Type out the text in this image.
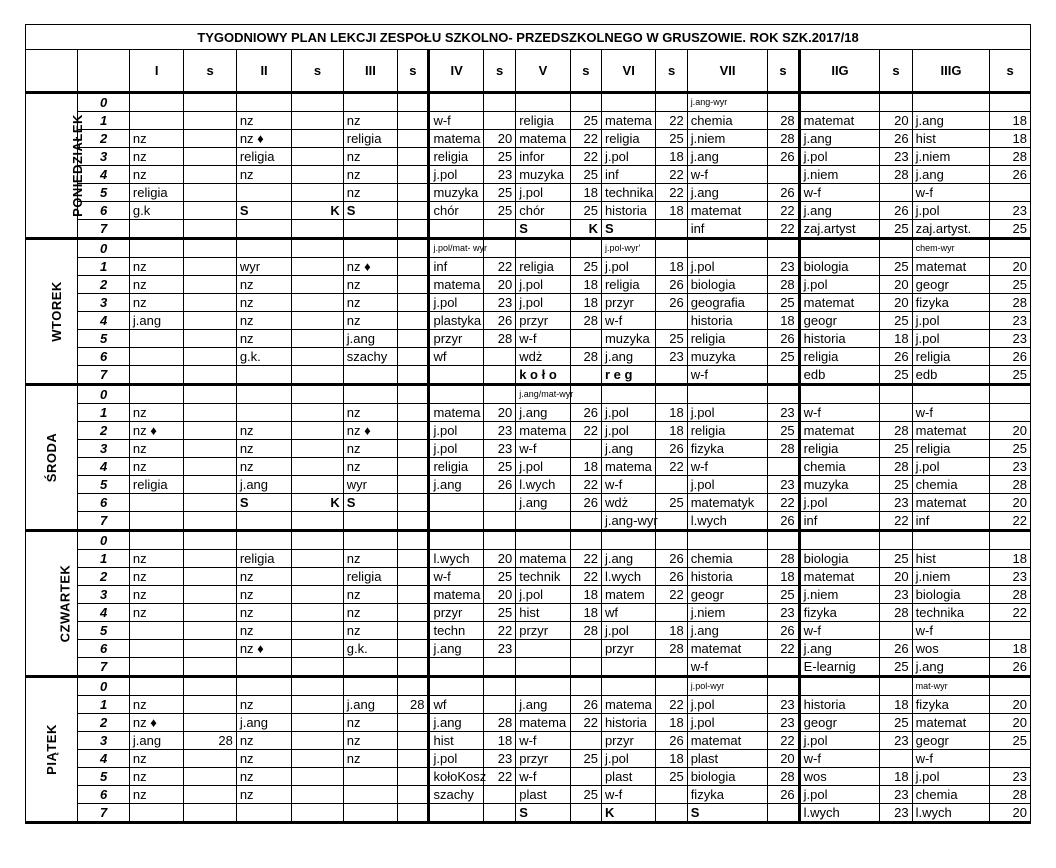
TYGODNIOWY PLAN LEKCJI ZESPOŁU SZKOLNO- PRZEDSZKOLNEGO W GRUSZOWIE. ROK SZK.2017/18																			
		I	s	II	s	III	s	IV	s	V	s	VI	s	VII	s	IIG	s	IIIG	s
PONIEDZIAŁEK	0													j.ang-wyr					
	1			nz		nz		w-f		religia	25	matema	22	chemia	28	matemat	20	j.ang	18
	2	nz		nz ♦		religia		matema	20	matema	22	religia	25	j.niem	28	j.ang	26	hist	18
	3	nz		religia		nz		religia	25	infor	22	j.pol	18	j.ang	26	j.pol	23	j.niem	28
	4	nz		nz		nz		j.pol	23	muzyka	25	inf	22	w-f		j.niem	28	j.ang	26
	5	religia				nz		muzyka	25	j.pol	18	technika	22	j.ang	26	w-f		w-f	
	6	g.k		S	K	S		chór	25	chór	25	historia	18	matemat	22	j.ang	26	j.pol	23
	7									S	K	S		inf	22	zaj.artyst	25	zaj.artyst.	25
WTOREK	0							j.pol/mat- wyr				j.pol-wyr'						chem-wyr	
	1	nz		wyr		nz ♦		inf	22	religia	25	j.pol	18	j.pol	23	biologia	25	matemat	20
	2	nz		nz		nz		matema	20	j.pol	18	religia	26	biologia	28	j.pol	20	geogr	25
	3	nz		nz		nz		j.pol	23	j.pol	18	przyr	26	geografia	25	matemat	20	fizyka	28
	4	j.ang		nz		nz		plastyka	26	przyr	28	w-f		historia	18	geogr	25	j.pol	23
	5			nz		j.ang		przyr	28	w-f		muzyka	25	religia	26	historia	18	j.pol	23
	6			g.k.		szachy		wf		wdż	28	j.ang	23	muzyka	25	religia	26	religia	26
	7									k o ł o		r e g		w-f		edb	25	edb	25
ŚRODA	0									j.ang/mat-wyr									
	1	nz				nz		matema	20	j.ang	26	j.pol	18	j.pol	23	w-f		w-f	
	2	nz ♦		nz		nz ♦		j.pol	23	matema	22	j.pol	18	religia	25	matemat	28	matemat	20
	3	nz		nz		nz		j.pol	23	w-f		j.ang	26	fizyka	28	religia	25	religia	25
	4	nz		nz		nz		religia	25	j.pol	18	matema	22	w-f		chemia	28	j.pol	23
	5	religia		j.ang		wyr		j.ang	26	l.wych	22	w-f		j.pol	23	muzyka	25	chemia	28
	6			S	K	S				j.ang	26	wdż	25	matematyk	22	j.pol	23	matemat	20
	7											j.ang-wyr		l.wych	26	inf	22	inf	22
CZWARTEK	0																		
	1	nz		religia		nz		l.wych	20	matema	22	j.ang	26	chemia	28	biologia	25	hist	18
	2	nz		nz		religia		w-f	25	technik	22	l.wych	26	historia	18	matemat	20	j.niem	23
	3	nz		nz		nz		matema	20	j.pol	18	matem	22	geogr	25	j.niem	23	biologia	28
	4	nz		nz		nz		przyr	25	hist	18	wf		j.niem	23	fizyka	28	technika	22
	5			nz		nz		techn	22	przyr	28	j.pol	18	j.ang	26	w-f		w-f	
	6			nz ♦		g.k.		j.ang	23			przyr	28	matemat	22	j.ang	26	wos	18
	7													w-f		E-learnig	25	j.ang	26
PIĄTEK	0													j.pol-wyr				mat-wyr	
	1	nz		nz		j.ang	28	wf		j.ang	26	matema	22	j.pol	23	historia	18	fizyka	20
	2	nz ♦		j.ang		nz		j.ang	28	matema	22	historia	18	j.pol	23	geogr	25	matemat	20
	3	j.ang	28	nz		nz		hist	18	w-f		przyr	26	matemat	22	j.pol	23	geogr	25
	4	nz		nz		nz		j.pol	23	przyr	25	j.pol	18	plast	20	w-f		w-f	
	5	nz		nz				kołoKosz	22	w-f		plast	25	biologia	28	wos	18	j.pol	23
	6	nz		nz				szachy		plast	25	w-f		fizyka	26	j.pol	23	chemia	28
	7									S		K		S		l.wych	23	l.wych	20
